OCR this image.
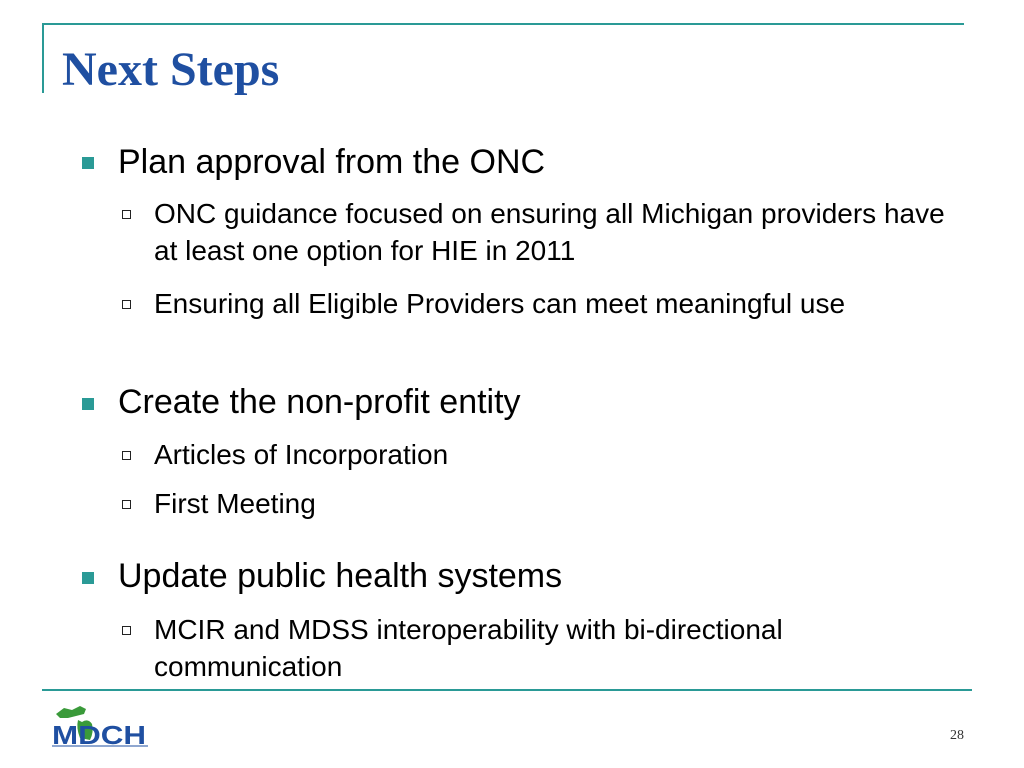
Next Steps
Plan approval from the ONC
ONC guidance focused on ensuring all Michigan providers have at least one option for HIE in 2011
Ensuring all Eligible Providers can meet meaningful use
Create the non-profit entity
Articles of Incorporation
First Meeting
Update public health systems
MCIR and MDSS interoperability with bi-directional communication
MDCH	28
